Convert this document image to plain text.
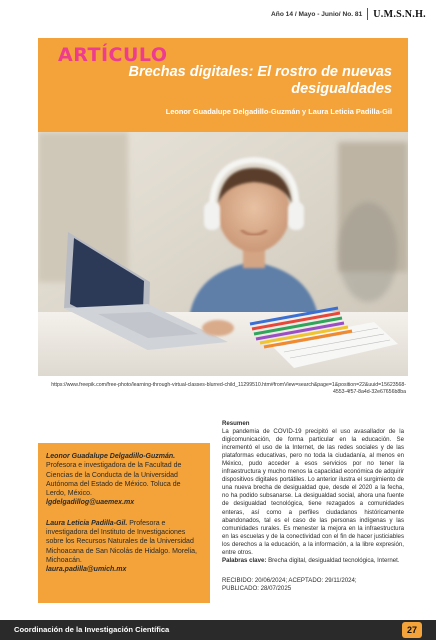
Año 14 / Mayo - Junio/ No. 81 U.M.S.N.H.
ARTÍCULO
Brechas digitales: El rostro de nuevas desigualdades
Leonor Guadalupe Delgadillo-Guzmán y Laura Leticia Padilla-Gil
https://www.freepik.com/free-photo/learning-through-virtual-classes-blurred-child_11299510.htm#fromView=search&page=1&position=22&uuid=15623568-4553-4f57-8a4d-32e67656b8ba

Leonor Guadalupe Delgadillo-Guzmán. Profesora e investigadora de la Facultad de Ciencias de la Conducta de la Universidad Autónoma del Estado de México. Toluca de Lerdo, México.
lgdelgadillog@uaemex.mx

Laura Leticia Padilla-Gil. Profesora e investigadora del Instituto de Investigaciones sobre los Recursos Naturales de la Universidad Michoacana de San Nicolás de Hidalgo. Morelia, Michoacán.
laura.padilla@umich.mx

Resumen
La pandemia de COVID-19 precipitó el uso avasallador de la digicomunicación, de forma particular en la educación. Se incrementó el uso de la Internet, de las redes sociales y de las plataformas educativas, pero no toda la ciudadanía, al menos en México, pudo acceder a esos servicios por no tener la infraestructura y mucho menos la capacidad económica de adquirir dispositivos digitales portátiles. Lo anterior ilustra el surgimiento de una nueva brecha de desigualdad que, desde el 2020 a la fecha, no ha podido subsanarse. La desigualdad social, ahora una fuente de desigualdad tecnológica, tiene rezagados a comunidades enteras, así como a perfiles ciudadanos históricamente abandonados, tal es el caso de las personas indígenas y las comunidades rurales. Es menester la mejora en la infraestructura en las escuelas y de la conectividad con el fin de hacer justiciables los derechos a la educación, a la información, a la libre expresión, entre otros.
Palabras clave: Brecha digital, desigualdad tecnológica, Internet.
RECIBIDO: 20/06/2024; ACEPTADO: 29/11/2024;
PUBLICADO: 28/07/2025
Coordinación de la Investigación Científica	27
